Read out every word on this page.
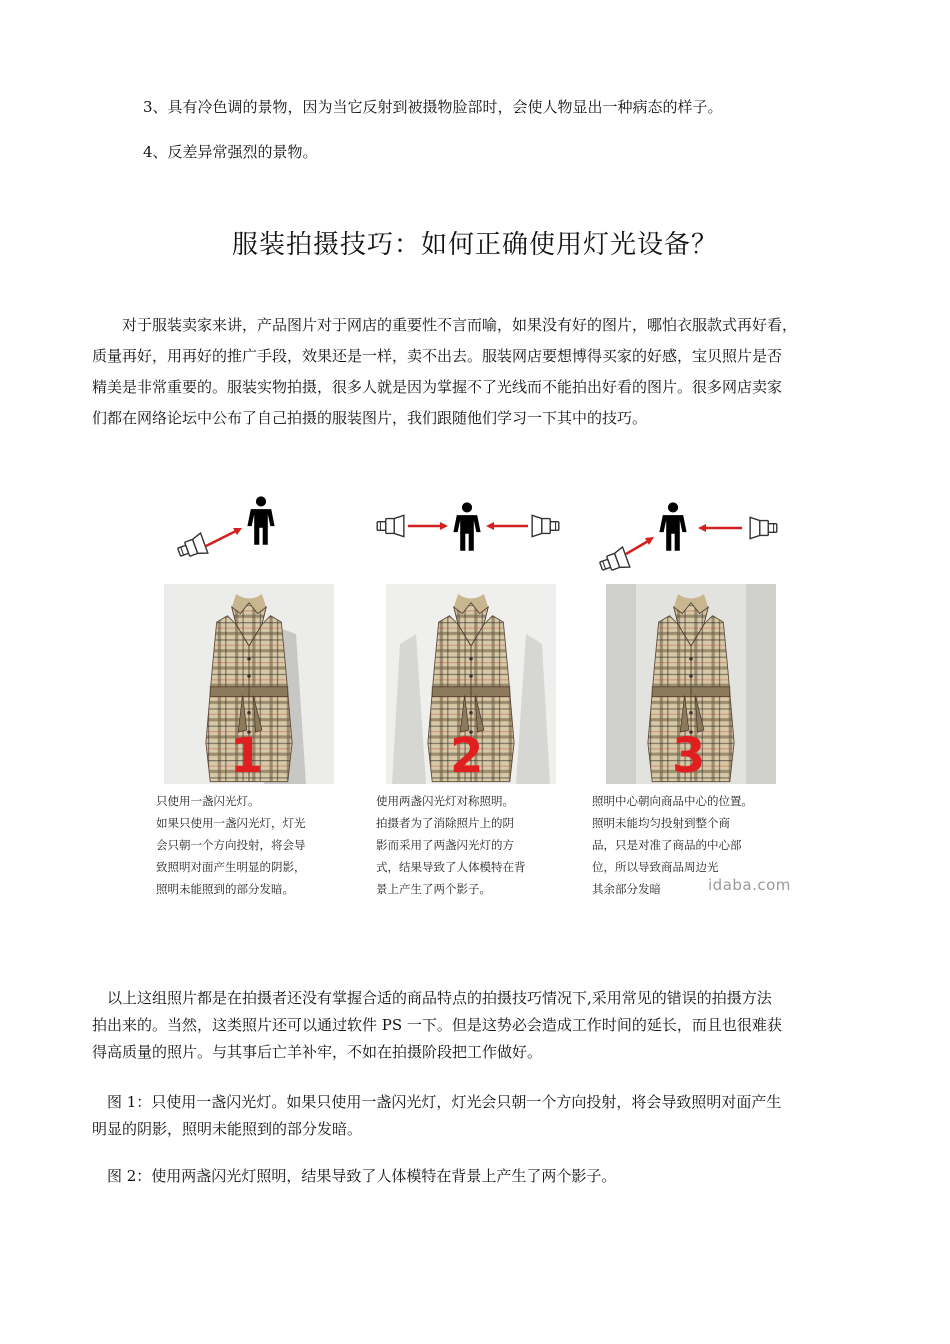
3、具有冷色调的景物，因为当它反射到被摄物脸部时，会使人物显出一种病态的样子。
4、反差异常强烈的景物。
服装拍摄技巧：如何正确使用灯光设备？
　　对于服装卖家来讲，产品图片对于网店的重要性不言而喻，如果没有好的图片，哪怕衣服款式再好看，
质量再好，用再好的推广手段，效果还是一样，卖不出去。服装网店要想博得买家的好感，宝贝照片是否
精美是非常重要的。服装实物拍摄，很多人就是因为掌握不了光线而不能拍出好看的图片。很多网店卖家
们都在网络论坛中公布了自己拍摄的服装图片，我们跟随他们学习一下其中的技巧。
1
只使用一盏闪光灯。
如果只使用一盏闪光灯，灯光
会只朝一个方向投射，将会导
致照明对面产生明显的阴影，
照明未能照到的部分发暗。
2
使用两盏闪光灯对称照明。
拍摄者为了消除照片上的阴
影而采用了两盏闪光灯的方
式，结果导致了人体模特在背
景上产生了两个影子。
3
照明中心朝向商品中心的位置。
照明未能均匀投射到整个商
品，只是对准了商品的中心部
位，所以导致商品周边光
其余部分发暗	idaba.com
　以上这组照片都是在拍摄者还没有掌握合适的商品特点的拍摄技巧情况下,采用常见的错误的拍摄方法
拍出来的。当然，这类照片还可以通过软件 PS 一下。但是这势必会造成工作时间的延长，而且也很难获
得高质量的照片。与其事后亡羊补牢，不如在拍摄阶段把工作做好。
　图 1：只使用一盏闪光灯。如果只使用一盏闪光灯，灯光会只朝一个方向投射，将会导致照明对面产生
明显的阴影，照明未能照到的部分发暗。
　图 2：使用两盏闪光灯照明，结果导致了人体模特在背景上产生了两个影子。
